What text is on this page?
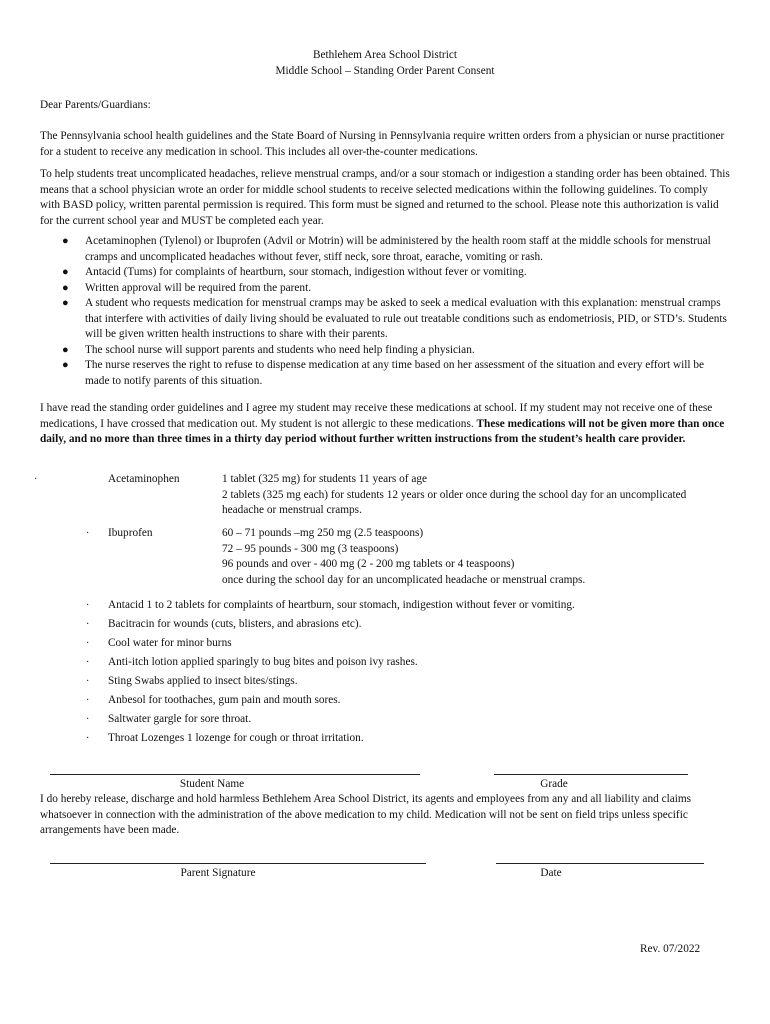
Bethlehem Area School District

Middle School – Standing Order Parent Consent

Dear Parents/Guardians:

The Pennsylvania school health guidelines and the State Board of Nursing in Pennsylvania require written orders from a physician or nurse practitioner for a student to receive any medication in school. This includes all over-the-counter medications.

To help students treat uncomplicated headaches, relieve menstrual cramps, and/or a sour stomach or indigestion a standing order has been obtained. This means that a school physician wrote an order for middle school students to receive selected medications within the following guidelines. To comply with BASD policy, written parental permission is required. This form must be signed and returned to the school. Please note this authorization is valid for the current school year and MUST be completed each year.

● Acetaminophen (Tylenol) or Ibuprofen (Advil or Motrin) will be administered by the health room staff at the middle schools for menstrual cramps and uncomplicated headaches without fever, stiff neck, sore throat, earache, vomiting or rash.
● Antacid (Tums) for complaints of heartburn, sour stomach, indigestion without fever or vomiting.
● Written approval will be required from the parent.
● A student who requests medication for menstrual cramps may be asked to seek a medical evaluation with this explanation: menstrual cramps that interfere with activities of daily living should be evaluated to rule out treatable conditions such as endometriosis, PID, or STD’s. Students will be given written health instructions to share with their parents.
● The school nurse will support parents and students who need help finding a physician.
● The nurse reserves the right to refuse to dispense medication at any time based on her assessment of the situation and every effort will be made to notify parents of this situation.

I have read the standing order guidelines and I agree my student may receive these medications at school. If my student may not receive one of these medications, I have crossed that medication out. My student is not allergic to these medications. These medications will not be given more than once daily, and no more than three times in a thirty day period without further written instructions from the student’s health care provider.

·	Acetaminophen	1 tablet (325 mg) for students 11 years of age
2 tablets (325 mg each) for students 12 years or older once during the school day for an uncomplicated headache or menstrual cramps.
· Ibuprofen	60 – 71 pounds –mg 250 mg (2.5 teaspoons)
72 – 95 pounds - 300 mg (3 teaspoons)
96 pounds and over - 400 mg (2 - 200 mg tablets or 4 teaspoons)
once during the school day for an uncomplicated headache or menstrual cramps.
· Antacid 1 to 2 tablets for complaints of heartburn, sour stomach, indigestion without fever or vomiting.
· Bacitracin for wounds (cuts, blisters, and abrasions etc).
· Cool water for minor burns
· Anti-itch lotion applied sparingly to bug bites and poison ivy rashes.
· Sting Swabs applied to insect bites/stings.
· Anbesol for toothaches, gum pain and mouth sores.
· Saltwater gargle for sore throat.
· Throat Lozenges 1 lozenge for cough or throat irritation.
Student Name	Grade

I do hereby release, discharge and hold harmless Bethlehem Area School District, its agents and employees from any and all liability and claims whatsoever in connection with the administration of the above medication to my child. Medication will not be sent on field trips unless specific arrangements have been made.

Parent Signature	Date

Rev. 07/2022
